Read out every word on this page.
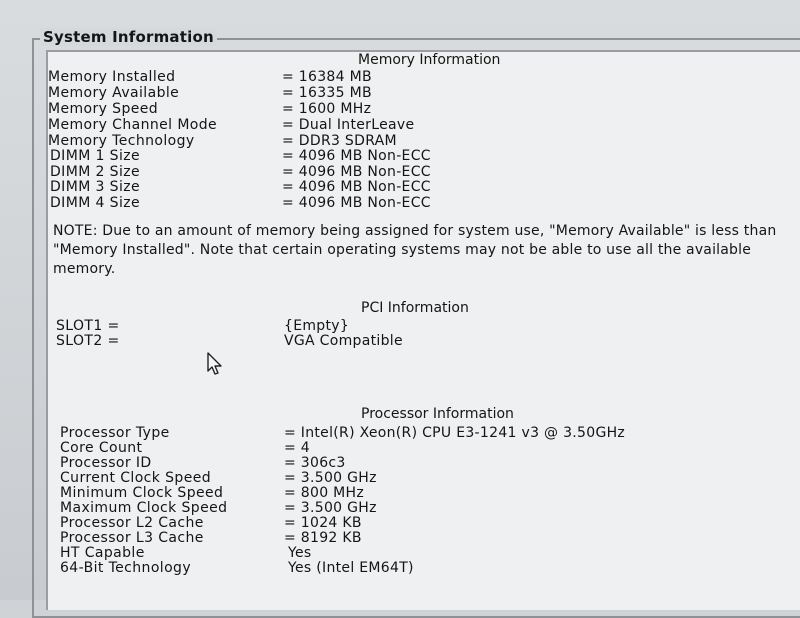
System Information
Memory Information
Memory Installed	= 16384 MB
Memory Available	= 16335 MB
Memory Speed	= 1600 MHz
Memory Channel Mode	= Dual InterLeave
Memory Technology	= DDR3 SDRAM
DIMM 1 Size	= 4096 MB Non-ECC
DIMM 2 Size	= 4096 MB Non-ECC
DIMM 3 Size	= 4096 MB Non-ECC
DIMM 4 Size	= 4096 MB Non-ECC
NOTE: Due to an amount of memory being assigned for system use, "Memory Available" is less than "Memory Installed". Note that certain operating systems may not be able to use all the available memory.
PCI Information
SLOT1 =	{Empty}
SLOT2 =	VGA Compatible
Processor Information
Processor Type	= Intel(R) Xeon(R) CPU E3-1241 v3 @ 3.50GHz
Core Count	= 4
Processor ID	= 306c3
Current Clock Speed	= 3.500 GHz
Minimum Clock Speed	= 800 MHz
Maximum Clock Speed	= 3.500 GHz
Processor L2 Cache	= 1024 KB
Processor L3 Cache	= 8192 KB
HT Capable	Yes
64-Bit Technology	Yes (Intel EM64T)
